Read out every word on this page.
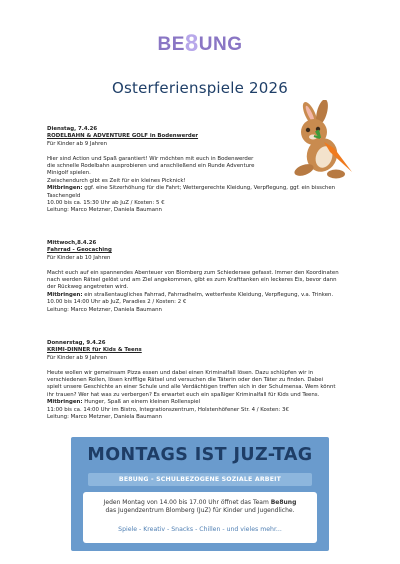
BE8UNG
Osterferienspiele 2026
Dienstag, 7.4.26
RODELBAHN & ADVENTURE GOLF in Bodenwerder
Für Kinder ab 9 Jahren
Hier sind Action und Spaß garantiert! Wir möchten mit euch in Bodenwerder
die schnelle Rodelbahn ausprobieren und anschließend ein Runde Adventure
Minigolf spielen.
Zwischendurch gibt es Zeit für ein kleines Picknick!
Mitbringen: ggf. eine Sitzerhöhung für die Fahrt; Wettergerechte Kleidung, Verpflegung, ggf. ein bisschen
Taschengeld
10.00 bis ca. 15:30 Uhr ab JuZ / Kosten: 5 €
Leitung: Marco Metzner, Daniela Baumann
Mittwoch,8.4.26
Fahrrad - Geocaching
Für Kinder ab 10 Jahren
Macht euch auf ein spannendes Abenteuer von Blomberg zum Schiedersee gefasst. Immer den Koordinaten
nach werden Rätsel gelöst und am Ziel angekommen, gibt es zum Krafttanken ein leckeres Eis, bevor dann
der Rückweg angetreten wird.
Mitbringen: ein straßentaugliches Fahrrad, Fahrradhelm, wetterfeste Kleidung, Verpflegung, v.a. Trinken.
10.00 bis 14:00 Uhr ab JuZ, Paradies 2 / Kosten: 2 €
Leitung: Marco Metzner, Daniela Baumann
Donnerstag, 9.4.26
KRIMI-DINNER für Kids & Teens
Für Kinder ab 9 Jahren
Heute wollen wir gemeinsam Pizza essen und dabei einen Kriminalfall lösen. Dazu schlüpfen wir in
verschiedenen Rollen, lösen knifflige Rätsel und versuchen die Täterin oder den Täter zu finden. Dabei
spielt unsere Geschichte an einer Schule und alle Verdächtigen treffen sich in der Schulmensa. Wem könnt
ihr trauen? Wer hat was zu verbergen? Es erwartet euch ein spaßiger Kriminalfall für Kids und Teens.
Mitbringen: Hunger, Spaß an einem kleinen Rollenspiel
11:00 bis ca. 14:00 Uhr im Bistro, Integrationszentrum, Holstenhöfener Str. 4 / Kosten: 3€
Leitung: Marco Metzner, Daniela Baumann
MONTAGS IST JUZ-TAG
BE8UNG - SCHULBEZOGENE SOZIALE ARBEIT
Jeden Montag von 14.00 bis 17.00 Uhr öffnet das Team Be8ung
das Jugendzentrum Blomberg (JuZ) für Kinder und Jugendliche.
Spiele - Kreativ - Snacks - Chillen - und vieles mehr...
